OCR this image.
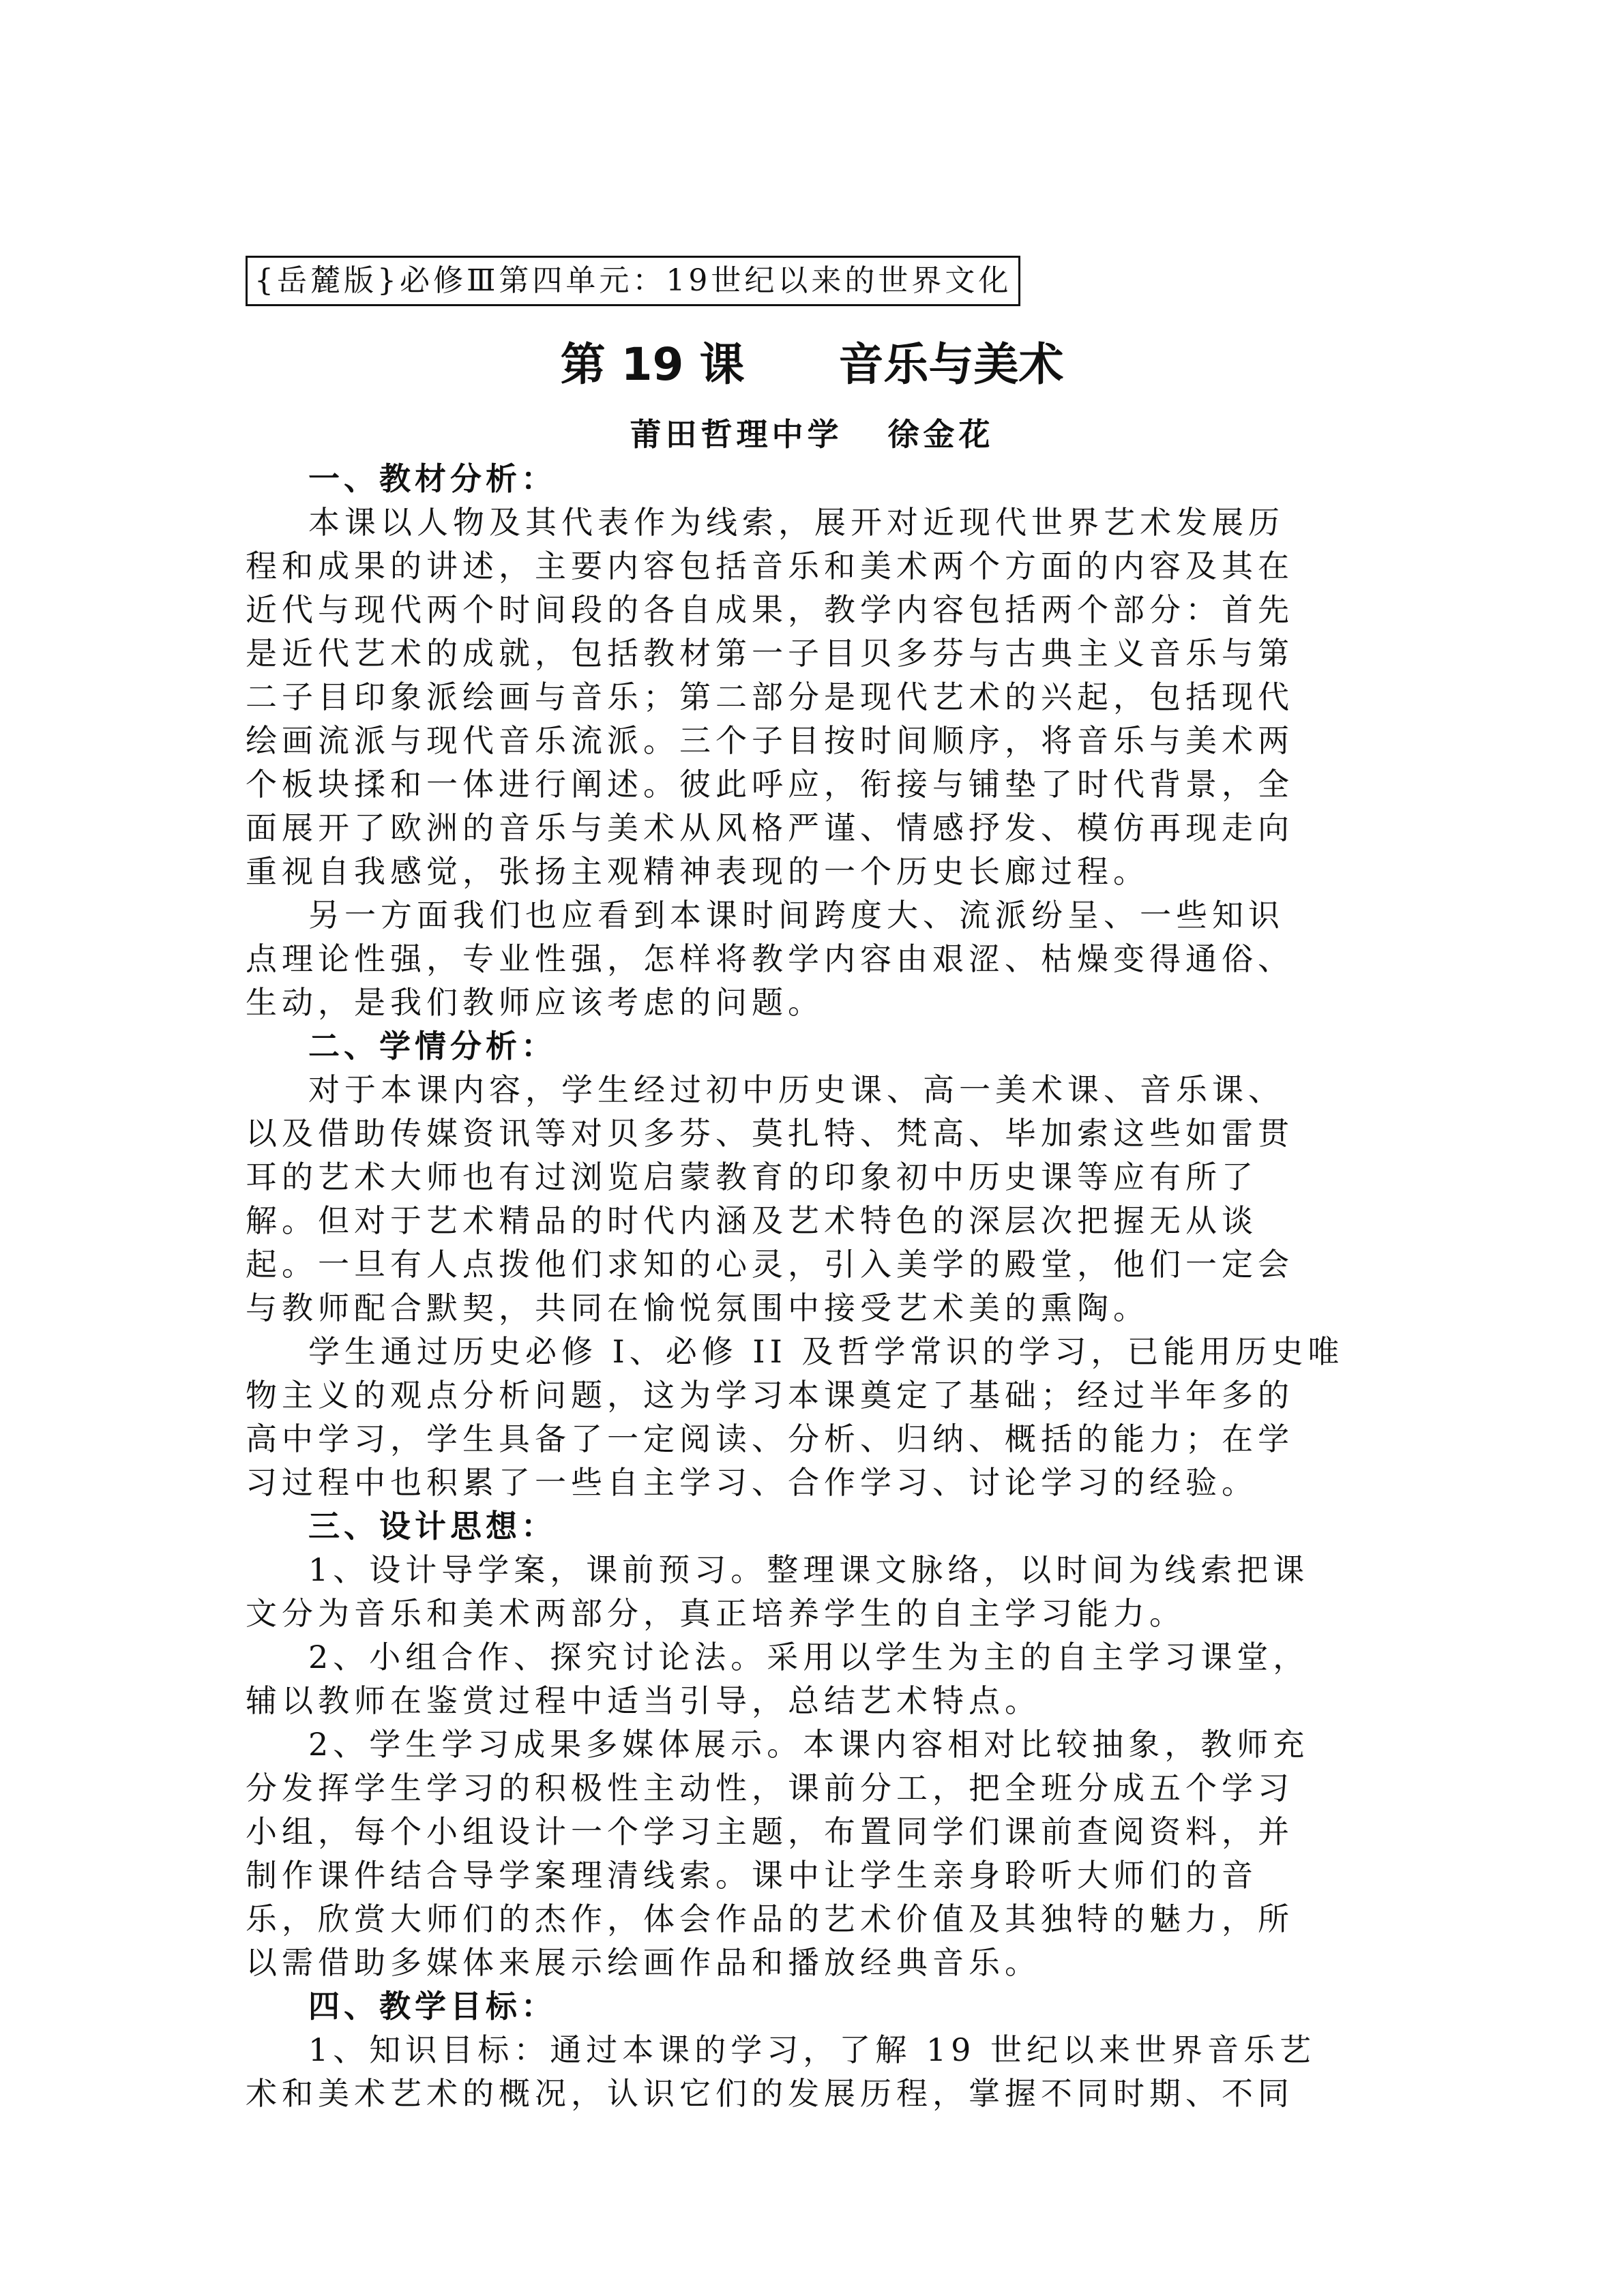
{岳麓版}必修Ⅲ第四单元：19世纪以来的世界文化
第 19 课      音乐与美术
莆田哲理中学   徐金花
一、教材分析：
本课以人物及其代表作为线索，展开对近现代世界艺术发展历
程和成果的讲述，主要内容包括音乐和美术两个方面的内容及其在
近代与现代两个时间段的各自成果，教学内容包括两个部分：首先
是近代艺术的成就，包括教材第一子目贝多芬与古典主义音乐与第
二子目印象派绘画与音乐；第二部分是现代艺术的兴起，包括现代
绘画流派与现代音乐流派。三个子目按时间顺序，将音乐与美术两
个板块揉和一体进行阐述。彼此呼应，衔接与铺垫了时代背景，全
面展开了欧洲的音乐与美术从风格严谨、情感抒发、模仿再现走向
重视自我感觉，张扬主观精神表现的一个历史长廊过程。
另一方面我们也应看到本课时间跨度大、流派纷呈、一些知识
点理论性强，专业性强，怎样将教学内容由艰涩、枯燥变得通俗、
生动，是我们教师应该考虑的问题。
二、学情分析：
对于本课内容，学生经过初中历史课、高一美术课、音乐课、
以及借助传媒资讯等对贝多芬、莫扎特、梵高、毕加索这些如雷贯
耳的艺术大师也有过浏览启蒙教育的印象初中历史课等应有所了
解。但对于艺术精品的时代内涵及艺术特色的深层次把握无从谈
起。一旦有人点拨他们求知的心灵，引入美学的殿堂，他们一定会
与教师配合默契，共同在愉悦氛围中接受艺术美的熏陶。
学生通过历史必修 I、必修 II 及哲学常识的学习，已能用历史唯
物主义的观点分析问题，这为学习本课奠定了基础；经过半年多的
高中学习，学生具备了一定阅读、分析、归纳、概括的能力；在学
习过程中也积累了一些自主学习、合作学习、讨论学习的经验。
三、设计思想：
1、设计导学案，课前预习。整理课文脉络，以时间为线索把课
文分为音乐和美术两部分，真正培养学生的自主学习能力。
2、小组合作、探究讨论法。采用以学生为主的自主学习课堂，
辅以教师在鉴赏过程中适当引导，总结艺术特点。
2、学生学习成果多媒体展示。本课内容相对比较抽象，教师充
分发挥学生学习的积极性主动性，课前分工，把全班分成五个学习
小组，每个小组设计一个学习主题，布置同学们课前查阅资料，并
制作课件结合导学案理清线索。课中让学生亲身聆听大师们的音
乐，欣赏大师们的杰作，体会作品的艺术价值及其独特的魅力，所
以需借助多媒体来展示绘画作品和播放经典音乐。
四、教学目标：
1、知识目标：通过本课的学习，了解 19 世纪以来世界音乐艺
术和美术艺术的概况，认识它们的发展历程，掌握不同时期、不同
